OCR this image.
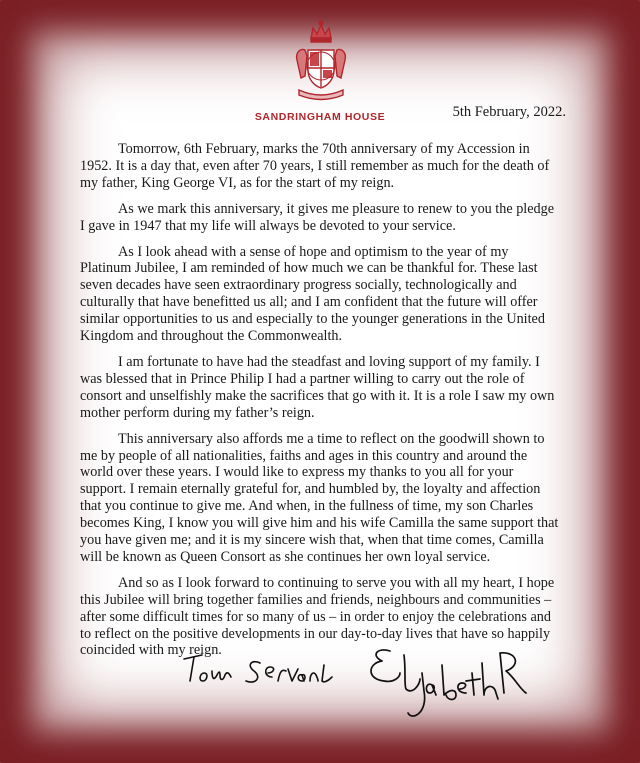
SANDRINGHAM HOUSE	5th February, 2022.

Tomorrow, 6th February, marks the 70th anniversary of my Accession in 1952. It is a day that, even after 70 years, I still remember as much for the death of my father, King George VI, as for the start of my reign.

As we mark this anniversary, it gives me pleasure to renew to you the pledge I gave in 1947 that my life will always be devoted to your service.

As I look ahead with a sense of hope and optimism to the year of my Platinum Jubilee, I am reminded of how much we can be thankful for. These last seven decades have seen extraordinary progress socially, technologically and culturally that have benefitted us all; and I am confident that the future will offer similar opportunities to us and especially to the younger generations in the United Kingdom and throughout the Commonwealth.

I am fortunate to have had the steadfast and loving support of my family. I was blessed that in Prince Philip I had a partner willing to carry out the role of consort and unselfishly make the sacrifices that go with it. It is a role I saw my own mother perform during my father’s reign.

This anniversary also affords me a time to reflect on the goodwill shown to me by people of all nationalities, faiths and ages in this country and around the world over these years. I would like to express my thanks to you all for your support. I remain eternally grateful for, and humbled by, the loyalty and affection that you continue to give me. And when, in the fullness of time, my son Charles becomes King, I know you will give him and his wife Camilla the same support that you have given me; and it is my sincere wish that, when that time comes, Camilla will be known as Queen Consort as she continues her own loyal service.

And so as I look forward to continuing to serve you with all my heart, I hope this Jubilee will bring together families and friends, neighbours and communities – after some difficult times for so many of us – in order to enjoy the celebrations and to reflect on the positive developments in our day-to-day lives that have so happily coincided with my reign.
